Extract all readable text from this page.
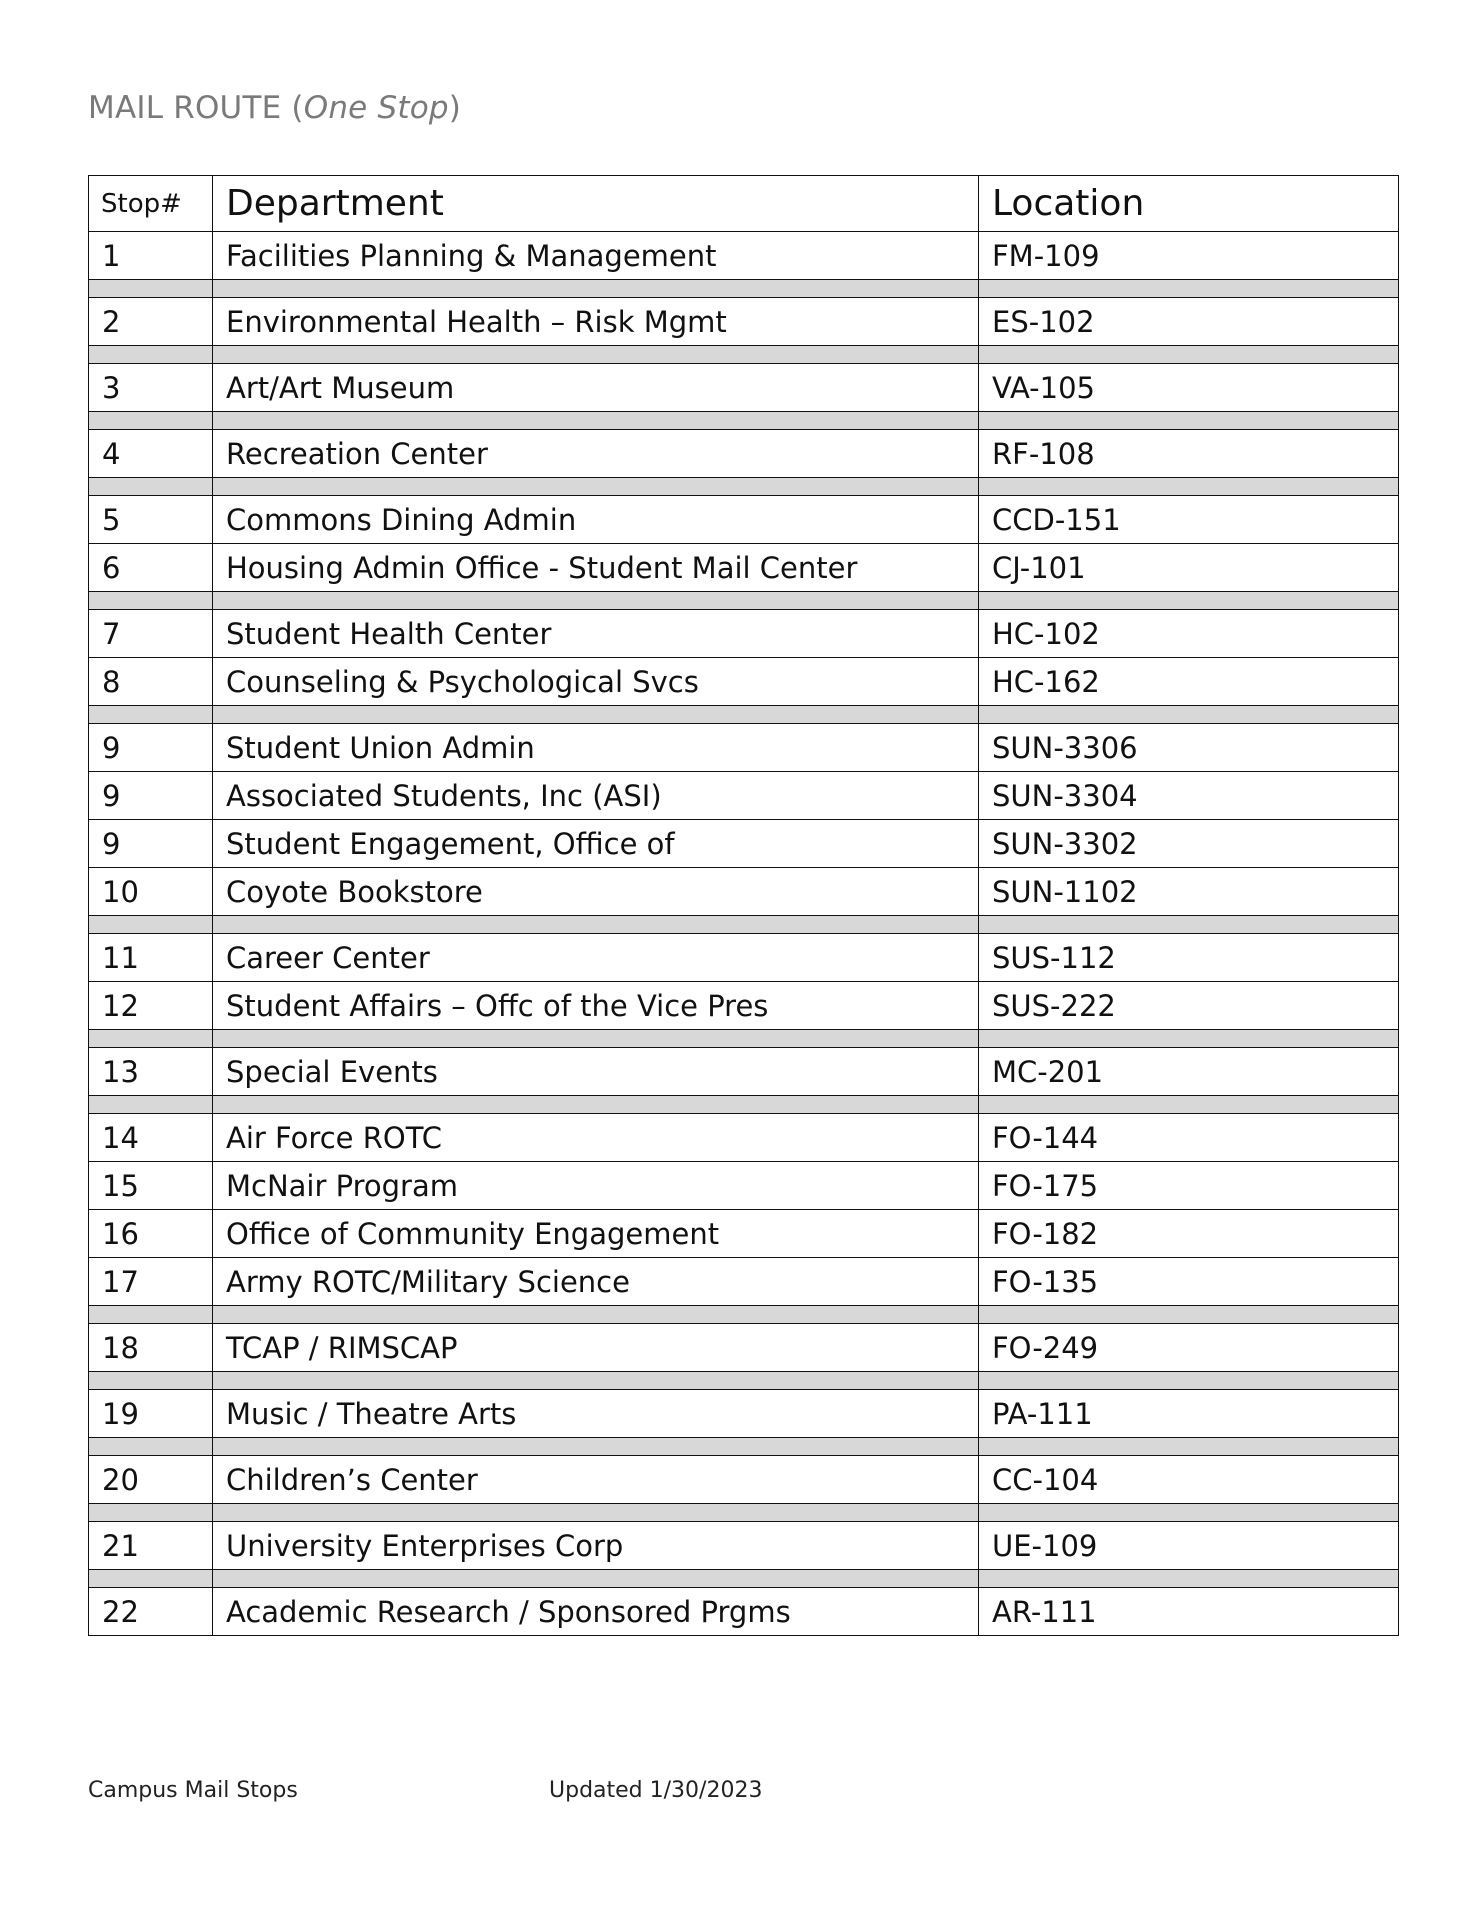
MAIL ROUTE (One Stop)
Stop#	Department	Location
1	Facilities Planning & Management	FM-109

2	Environmental Health – Risk Mgmt	ES-102

3	Art/Art Museum	VA-105

4	Recreation Center	RF-108

5	Commons Dining Admin	CCD-151
6	Housing Admin Office - Student Mail Center	CJ-101

7	Student Health Center	HC-102
8	Counseling & Psychological Svcs	HC-162

9	Student Union Admin	SUN-3306
9	Associated Students, Inc (ASI)	SUN-3304
9	Student Engagement, Office of	SUN-3302
10	Coyote Bookstore	SUN-1102

11	Career Center	SUS-112
12	Student Affairs – Offc of the Vice Pres	SUS-222

13	Special Events	MC-201

14	Air Force ROTC	FO-144
15	McNair Program	FO-175
16	Office of Community Engagement	FO-182
17	Army ROTC/Military Science	FO-135

18	TCAP / RIMSCAP	FO-249

19	Music / Theatre Arts	PA-111

20	Children’s Center	CC-104

21	University Enterprises Corp	UE-109

22	Academic Research / Sponsored Prgms	AR-111
Campus Mail Stops	Updated 1/30/2023
